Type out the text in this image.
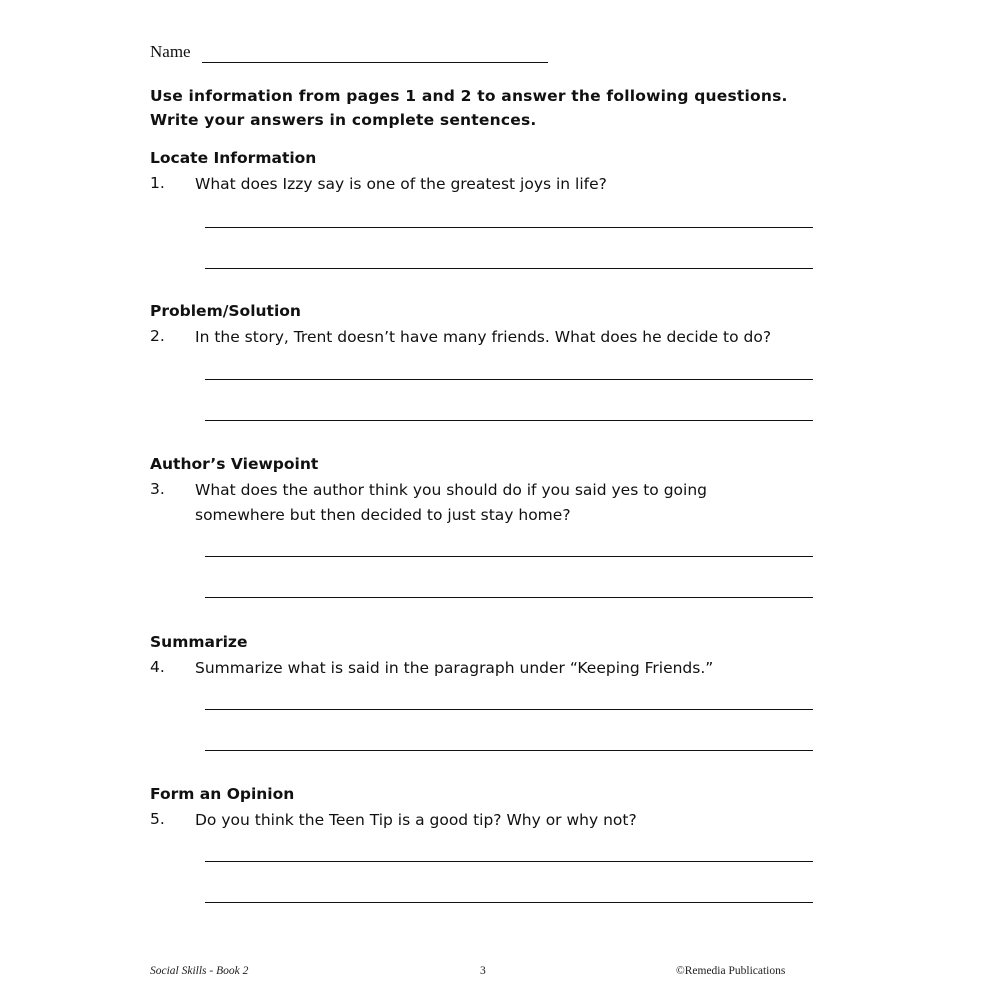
Name
Use information from pages 1 and 2 to answer the following questions.
Write your answers in complete sentences.
Locate Information
1. What does Izzy say is one of the greatest joys in life?
Problem/Solution
2. In the story, Trent doesn’t have many friends. What does he decide to do?
Author’s Viewpoint
3. What does the author think you should do if you said yes to going
somewhere but then decided to just stay home?
Summarize
4. Summarize what is said in the paragraph under “Keeping Friends.”
Form an Opinion
5. Do you think the Teen Tip is a good tip? Why or why not?
Social Skills - Book 2	3	©Remedia Publications
